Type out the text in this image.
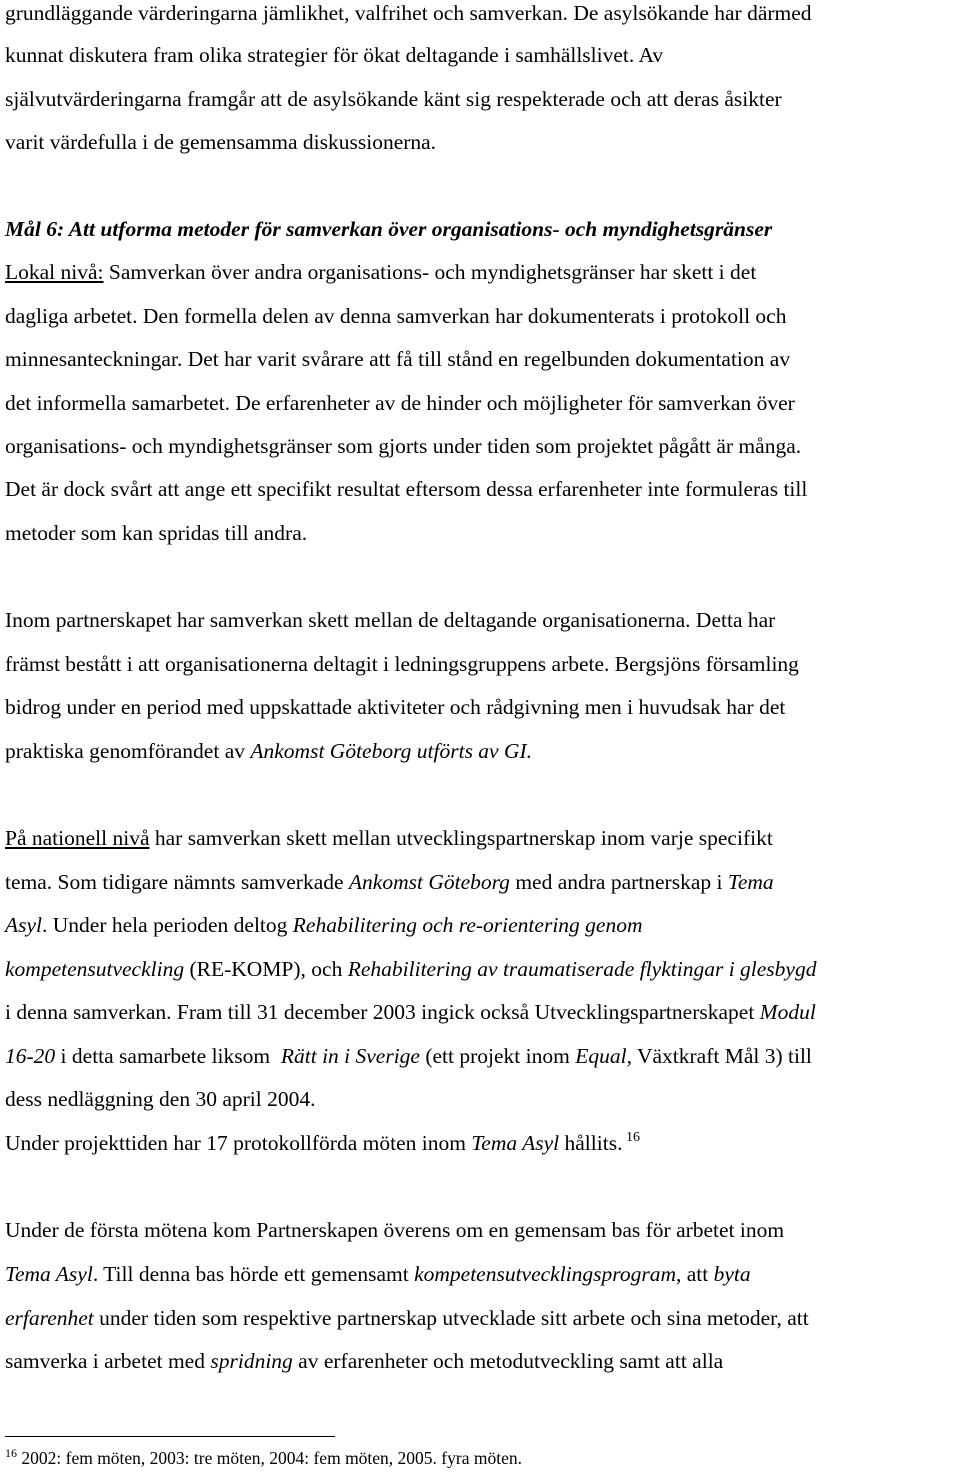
grundläggande värderingarna jämlikhet, valfrihet och samverkan. De asylsökande har därmed
kunnat diskutera fram olika strategier för ökat deltagande i samhällslivet. Av
självutvärderingarna framgår att de asylsökande känt sig respekterade och att deras åsikter
varit värdefulla i de gemensamma diskussionerna.
Mål 6: Att utforma metoder för samverkan över organisations- och myndighetsgränser
Lokal nivå: Samverkan över andra organisations- och myndighetsgränser har skett i det
dagliga arbetet. Den formella delen av denna samverkan har dokumenterats i protokoll och
minnesanteckningar. Det har varit svårare att få till stånd en regelbunden dokumentation av
det informella samarbetet. De erfarenheter av de hinder och möjligheter för samverkan över
organisations- och myndighetsgränser som gjorts under tiden som projektet pågått är många.
Det är dock svårt att ange ett specifikt resultat eftersom dessa erfarenheter inte formuleras till
metoder som kan spridas till andra.
Inom partnerskapet har samverkan skett mellan de deltagande organisationerna. Detta har
främst bestått i att organisationerna deltagit i ledningsgruppens arbete. Bergsjöns församling
bidrog under en period med uppskattade aktiviteter och rådgivning men i huvudsak har det
praktiska genomförandet av Ankomst Göteborg utförts av GI.
På nationell nivå har samverkan skett mellan utvecklingspartnerskap inom varje specifikt
tema. Som tidigare nämnts samverkade Ankomst Göteborg med andra partnerskap i Tema
Asyl. Under hela perioden deltog Rehabilitering och re-orientering genom
kompetensutveckling (RE-KOMP), och Rehabilitering av traumatiserade flyktingar i glesbygd
i denna samverkan. Fram till 31 december 2003 ingick också Utvecklingspartnerskapet Modul
16-20 i detta samarbete liksom  Rätt in i Sverige (ett projekt inom Equal, Växtkraft Mål 3) till
dess nedläggning den 30 april 2004.
Under projekttiden har 17 protokollförda möten inom Tema Asyl hållits. $^{16}$
Under de första mötena kom Partnerskapen överens om en gemensam bas för arbetet inom
Tema Asyl. Till denna bas hörde ett gemensamt kompetensutvecklingsprogram, att byta
erfarenhet under tiden som respektive partnerskap utvecklade sitt arbete och sina metoder, att
samverka i arbetet med spridning av erfarenheter och metodutveckling samt att alla
$^{16}$ 2002: fem möten, 2003: tre möten, 2004: fem möten, 2005. fyra möten.
